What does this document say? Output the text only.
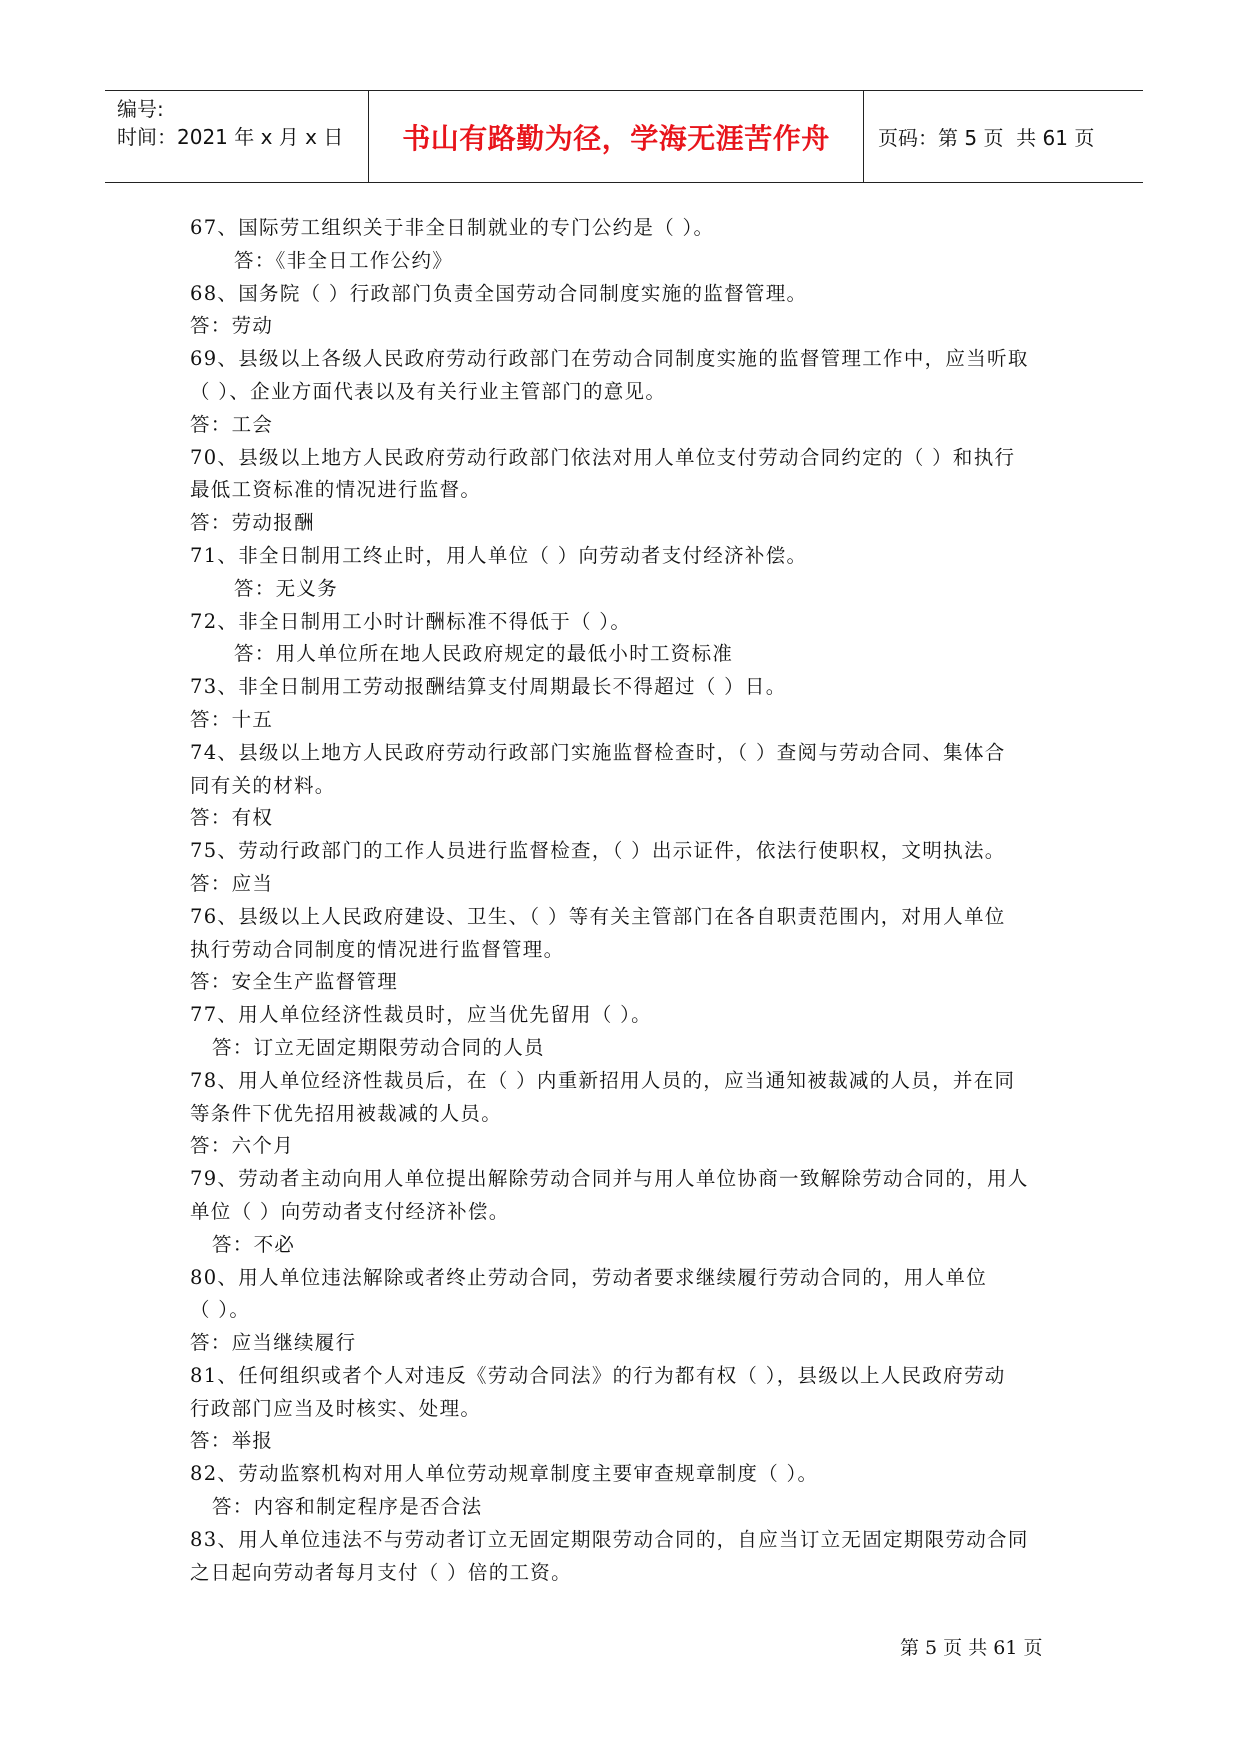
编号:
时间：2021 年 x 月 x 日	书山有路勤为径，学海无涯苦作舟	页码：第 5 页  共 61 页
67、国际劳工组织关于非全日制就业的专门公约是（ ）。
答：《非全日工作公约》
68、国务院（ ）行政部门负责全国劳动合同制度实施的监督管理。
答：劳动
69、县级以上各级人民政府劳动行政部门在劳动合同制度实施的监督管理工作中，应当听取
（ ）、企业方面代表以及有关行业主管部门的意见。
答：工会
70、县级以上地方人民政府劳动行政部门依法对用人单位支付劳动合同约定的（ ）和执行
最低工资标准的情况进行监督。
答：劳动报酬
71、非全日制用工终止时，用人单位（ ）向劳动者支付经济补偿。
答：无义务
72、非全日制用工小时计酬标准不得低于（ ）。
答：用人单位所在地人民政府规定的最低小时工资标准
73、非全日制用工劳动报酬结算支付周期最长不得超过（ ）日。
答：十五
74、县级以上地方人民政府劳动行政部门实施监督检查时，（ ）查阅与劳动合同、集体合
同有关的材料。
答：有权
75、劳动行政部门的工作人员进行监督检查，（ ）出示证件，依法行使职权，文明执法。
答：应当
76、县级以上人民政府建设、卫生、（ ）等有关主管部门在各自职责范围内，对用人单位
执行劳动合同制度的情况进行监督管理。
答：安全生产监督管理
77、用人单位经济性裁员时，应当优先留用（ ）。
答：订立无固定期限劳动合同的人员
78、用人单位经济性裁员后，在（ ）内重新招用人员的，应当通知被裁减的人员，并在同
等条件下优先招用被裁减的人员。
答：六个月
79、劳动者主动向用人单位提出解除劳动合同并与用人单位协商一致解除劳动合同的，用人
单位（ ）向劳动者支付经济补偿。
答：不必
80、用人单位违法解除或者终止劳动合同，劳动者要求继续履行劳动合同的，用人单位
（ ）。
答：应当继续履行
81、任何组织或者个人对违反《劳动合同法》的行为都有权（ ），县级以上人民政府劳动
行政部门应当及时核实、处理。
答：举报
82、劳动监察机构对用人单位劳动规章制度主要审查规章制度（ ）。
答：内容和制定程序是否合法
83、用人单位违法不与劳动者订立无固定期限劳动合同的，自应当订立无固定期限劳动合同
之日起向劳动者每月支付（ ）倍的工资。
第 5 页 共 61 页
